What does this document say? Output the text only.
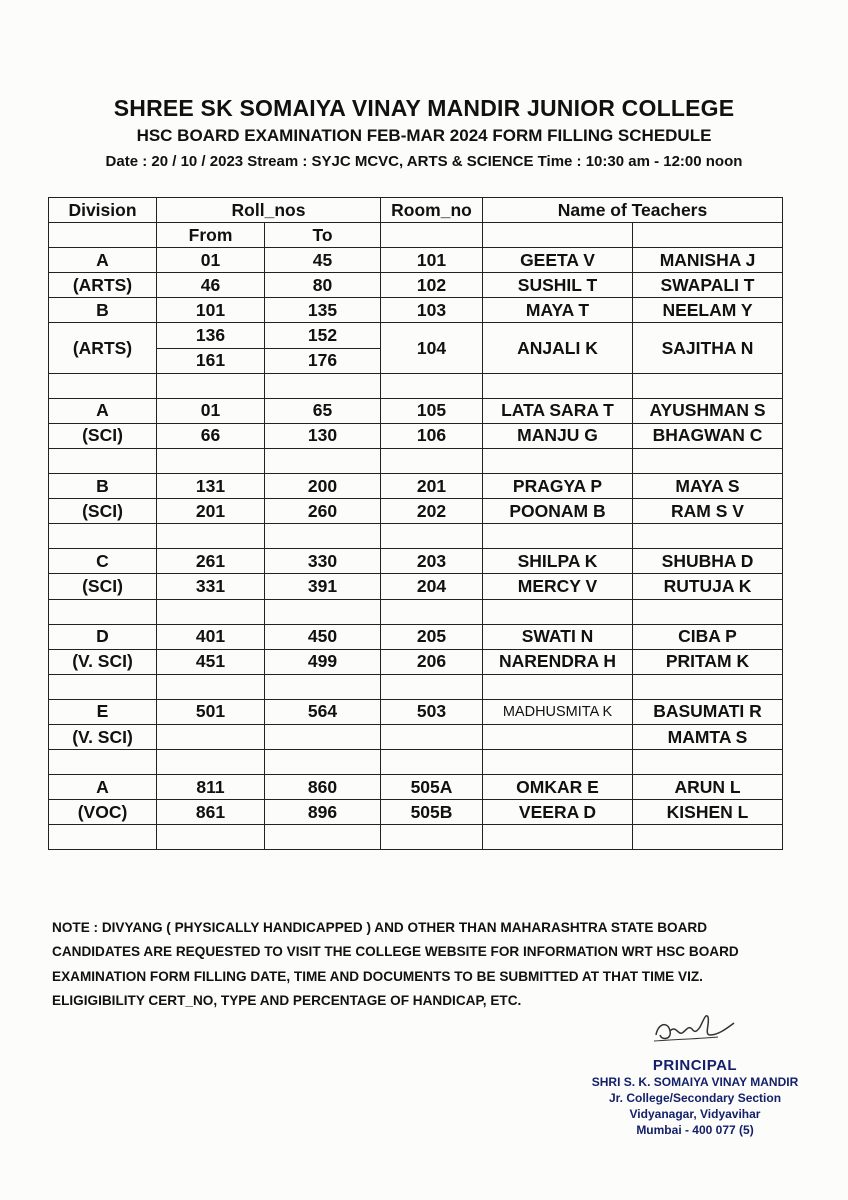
SHREE SK SOMAIYA VINAY MANDIR JUNIOR COLLEGE
HSC BOARD EXAMINATION FEB-MAR 2024 FORM FILLING SCHEDULE
Date : 20 / 10 / 2023 Stream : SYJC MCVC, ARTS & SCIENCE Time : 10:30 am - 12:00 noon
Division	Roll_nos		Room_no	Name of Teachers	
	From	To			
A	01	45	101	GEETA V	MANISHA J
(ARTS)	46	80	102	SUSHIL T	SWAPALI T
B	101	135	103	MAYA T	NEELAM Y
(ARTS)	136	152	104	ANJALI K	SAJITHA N
	161	176			

A	01	65	105	LATA SARA T	AYUSHMAN S
(SCI)	66	130	106	MANJU G	BHAGWAN C

B	131	200	201	PRAGYA P	MAYA S
(SCI)	201	260	202	POONAM B	RAM S V

C	261	330	203	SHILPA K	SHUBHA D
(SCI)	331	391	204	MERCY V	RUTUJA K

D	401	450	205	SWATI N	CIBA P
(V. SCI)	451	499	206	NARENDRA H	PRITAM K

E	501	564	503	MADHUSMITA K	BASUMATI R
(V. SCI)					MAMTA S

A	811	860	505A	OMKAR E	ARUN L
(VOC)	861	896	505B	VEERA D	KISHEN L

NOTE : DIVYANG ( PHYSICALLY HANDICAPPED ) AND OTHER THAN MAHARASHTRA STATE BOARD CANDIDATES ARE REQUESTED TO VISIT THE COLLEGE WEBSITE FOR INFORMATION WRT HSC BOARD EXAMINATION FORM FILLING DATE, TIME AND DOCUMENTS TO BE SUBMITTED AT THAT TIME VIZ. ELIGIGIBILITY CERT_NO, TYPE AND PERCENTAGE OF HANDICAP, ETC.
PRINCIPAL
SHRI S. K. SOMAIYA VINAY MANDIR
Jr. College/Secondary Section
Vidyanagar, Vidyavihar
Mumbai - 400 077 (5)
